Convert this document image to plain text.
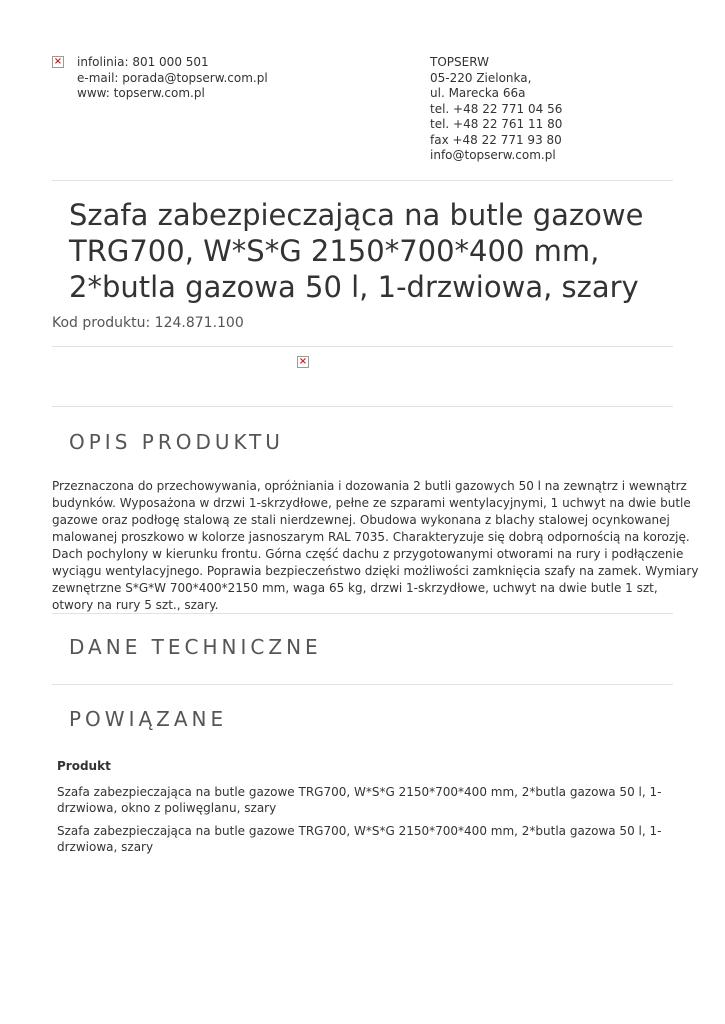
× infolinia: 801 000 501
e-mail: porada@topserw.com.pl
www: topserw.com.pl
TOPSERW
05-220 Zielonka,
ul. Marecka 66a
tel. +48 22 771 04 56
tel. +48 22 761 11 80
fax +48 22 771 93 80
info@topserw.com.pl
Szafa zabezpieczająca na butle gazowe
TRG700, W*S*G 2150*700*400 mm,
2*butla gazowa 50 l, 1-drzwiowa, szary
Kod produktu: 124.871.100
×
OPIS PRODUKTU
Przeznaczona do przechowywania, opróżniania i dozowania 2 butli gazowych 50 l na zewnątrz i wewnątrz
budynków. Wyposażona w drzwi 1-skrzydłowe, pełne ze szparami wentylacyjnymi, 1 uchwyt na dwie butle
gazowe oraz podłogę stalową ze stali nierdzewnej. Obudowa wykonana z blachy stalowej ocynkowanej
malowanej proszkowo w kolorze jasnoszarym RAL 7035. Charakteryzuje się dobrą odpornością na korozję.
Dach pochylony w kierunku frontu. Górna część dachu z przygotowanymi otworami na rury i podłączenie
wyciągu wentylacyjnego. Poprawia bezpieczeństwo dzięki możliwości zamknięcia szafy na zamek. Wymiary
zewnętrzne S*G*W 700*400*2150 mm, waga 65 kg, drzwi 1-skrzydłowe, uchwyt na dwie butle 1 szt,
otwory na rury 5 szt., szary.
DANE TECHNICZNE
POWIĄZANE
Produkt
Szafa zabezpieczająca na butle gazowe TRG700, W*S*G 2150*700*400 mm, 2*butla gazowa 50 l, 1-
drzwiowa, okno z poliwęglanu, szary
Szafa zabezpieczająca na butle gazowe TRG700, W*S*G 2150*700*400 mm, 2*butla gazowa 50 l, 1-
drzwiowa, szary
